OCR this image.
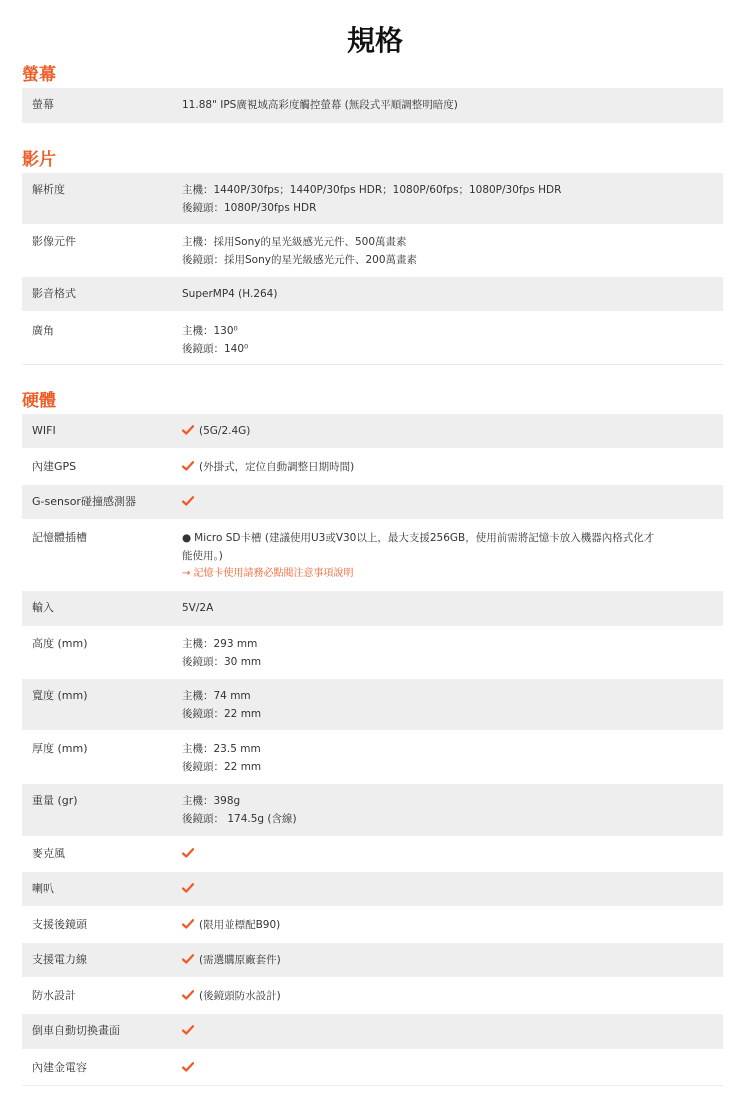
規格
螢幕
螢幕	11.88" IPS廣視域高彩度觸控螢幕 (無段式平順調整明暗度)
影片
解析度	主機：1440P/30fps；1440P/30fps HDR；1080P/60fps；1080P/30fps HDR
後鏡頭：1080P/30fps HDR
影像元件	主機：採用Sony的星光級感光元件、500萬畫素
後鏡頭：採用Sony的星光級感光元件、200萬畫素
影音格式	SuperMP4 (H.264)
廣角	主機：130⁰
後鏡頭：140⁰
硬體
WIFI	(5G/2.4G)
內建GPS	(外掛式，定位自動調整日期時間)
G-sensor碰撞感測器
記憶體插槽	● Micro SD卡槽 (建議使用U3或V30以上，最大支援256GB，使用前需將記憶卡放入機器內格式化才
能使用。)
→ 記憶卡使用請務必點閱注意事項說明
輸入	5V/2A
高度 (mm)	主機：293 mm
後鏡頭：30 mm
寬度 (mm)	主機：74 mm
後鏡頭：22 mm
厚度 (mm)	主機：23.5 mm
後鏡頭：22 mm
重量 (gr)	主機：398g
後鏡頭： 174.5g (含線)
麥克風
喇叭
支援後鏡頭	(限用並標配B90)
支援電力線	(需選購原廠套件)
防水設計	(後鏡頭防水設計)
倒車自動切換畫面
內建金電容
